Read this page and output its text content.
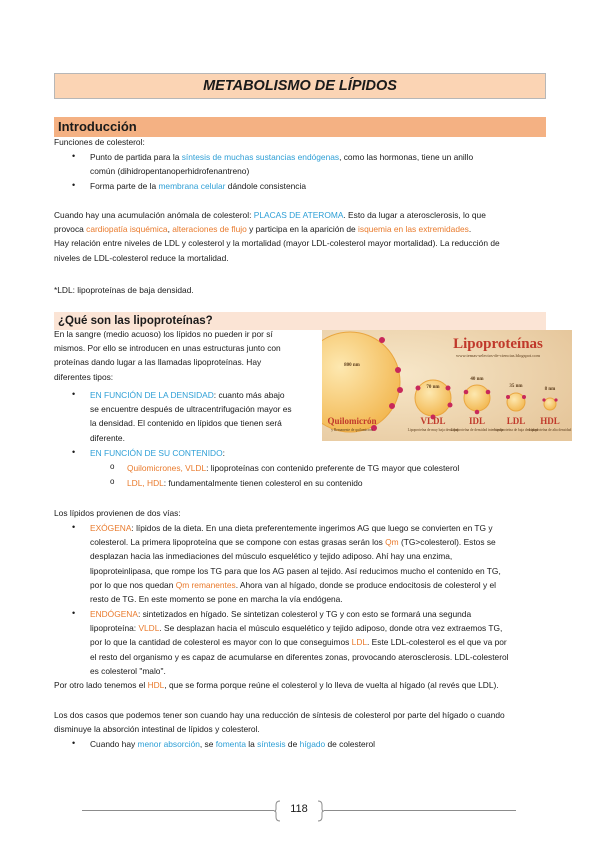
METABOLISMO DE LÍPIDOS
Introducción
Funciones de colesterol:
• Punto de partida para la síntesis de muchas sustancias endógenas, como las hormonas, tiene un anillo
común (dihidropentanoperhidrofenantreno)
• Forma parte de la membrana celular dándole consistencia
Cuando hay una acumulación anómala de colesterol: PLACAS DE ATEROMA. Esto da lugar a aterosclerosis, lo que
provoca cardiopatía isquémica, alteraciones de flujo y participa en la aparición de isquemia en las extremidades.
Hay relación entre niveles de LDL y colesterol y la mortalidad (mayor LDL-colesterol mayor mortalidad). La reducción de
niveles de LDL-colesterol reduce la mortalidad.
*LDL: lipoproteínas de baja densidad.
¿Qué son las lipoproteínas?
En la sangre (medio acuoso) los lípidos no pueden ir por sí
mismos. Por ello se introducen en unas estructuras junto con
proteínas dando lugar a las llamadas lipoproteínas. Hay
diferentes tipos:
• EN FUNCIÓN DE LA DENSIDAD: cuanto más abajo
se encuentre después de ultracentrifugación mayor es
la densidad. El contenido en lípidos que tienen será
diferente.
• EN FUNCIÓN DE SU CONTENIDO:
o Quilomicrones, VLDL: lipoproteínas con contenido preferente de TG mayor que colesterol
o LDL, HDL: fundamentalmente tienen colesterol en su contenido
Lipoproteínas
www.temas-selectos-de-ciencias.blogspot.com
800 nm
70 nm
40 nm
35 nm
8 nm
Quilomicrón	VLDL	IDL LDL HDL
y Remanente de quilomicron	Lipoproteína de muy baja densidad
Lipoproteína de densidad intermedia
Lipoproteína de baja densidad
Lipoproteína de alta densidad
Los lípidos provienen de dos vías:
• EXÓGENA: lípidos de la dieta. En una dieta preferentemente ingerimos AG que luego se convierten en TG y
colesterol. La primera lipoproteína que se compone con estas grasas serán los Qm (TG>colesterol). Estos se
desplazan hacia las inmediaciones del músculo esquelético y tejido adiposo. Ahí hay una enzima,
lipoproteinlipasa, que rompe los TG para que los AG pasen al tejido. Así reducimos mucho el contenido en TG,
por lo que nos quedan Qm remanentes. Ahora van al hígado, donde se produce endocitosis de colesterol y el
resto de TG. En este momento se pone en marcha la vía endógena.
• ENDÓGENA: sintetizados en hígado. Se sintetizan colesterol y TG y con esto se formará una segunda
lipoproteína: VLDL. Se desplazan hacia el músculo esquelético y tejido adiposo, donde otra vez extraemos TG,
por lo que la cantidad de colesterol es mayor con lo que conseguimos LDL. Este LDL-colesterol es el que va por
el resto del organismo y es capaz de acumularse en diferentes zonas, provocando aterosclerosis. LDL-colesterol
es colesterol "malo".
Por otro lado tenemos el HDL, que se forma porque reúne el colesterol y lo lleva de vuelta al hígado (al revés que LDL).
Los dos casos que podemos tener son cuando hay una reducción de síntesis de colesterol por parte del hígado o cuando
disminuye la absorción intestinal de lípidos y colesterol.
• Cuando hay menor absorción, se fomenta la síntesis de hígado de colesterol
118
